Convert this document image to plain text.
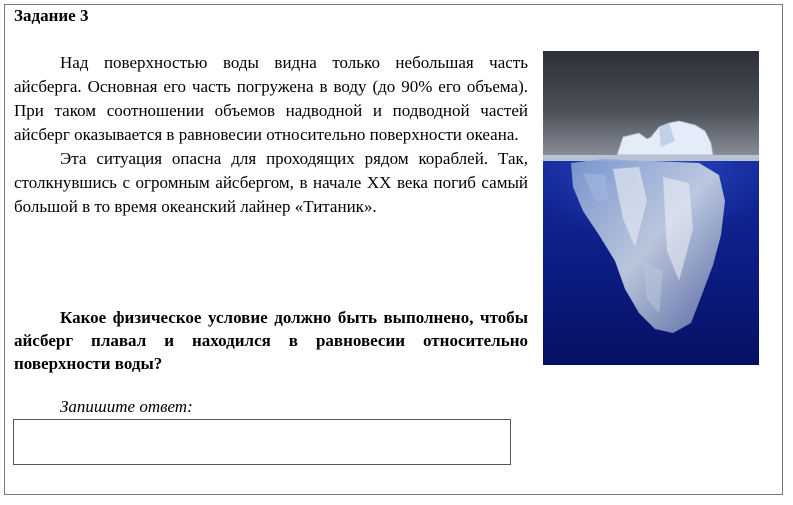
Задание 3

Над поверхностью воды видна только небольшая часть айсберга. Основная его часть погружена в воду (до 90% его объема). При таком соотношении объемов надводной и подводной частей айсберг оказывается в равновесии относительно поверхности океана.

Эта ситуация опасна для проходящих рядом кораблей. Так, столкнувшись с огромным айсбергом, в начале XX века погиб самый большой в то время океанский лайнер «Титаник».

Какое физическое условие должно быть выполнено, чтобы айсберг плавал и находился в равновесии относительно поверхности воды?

Запишите ответ:
